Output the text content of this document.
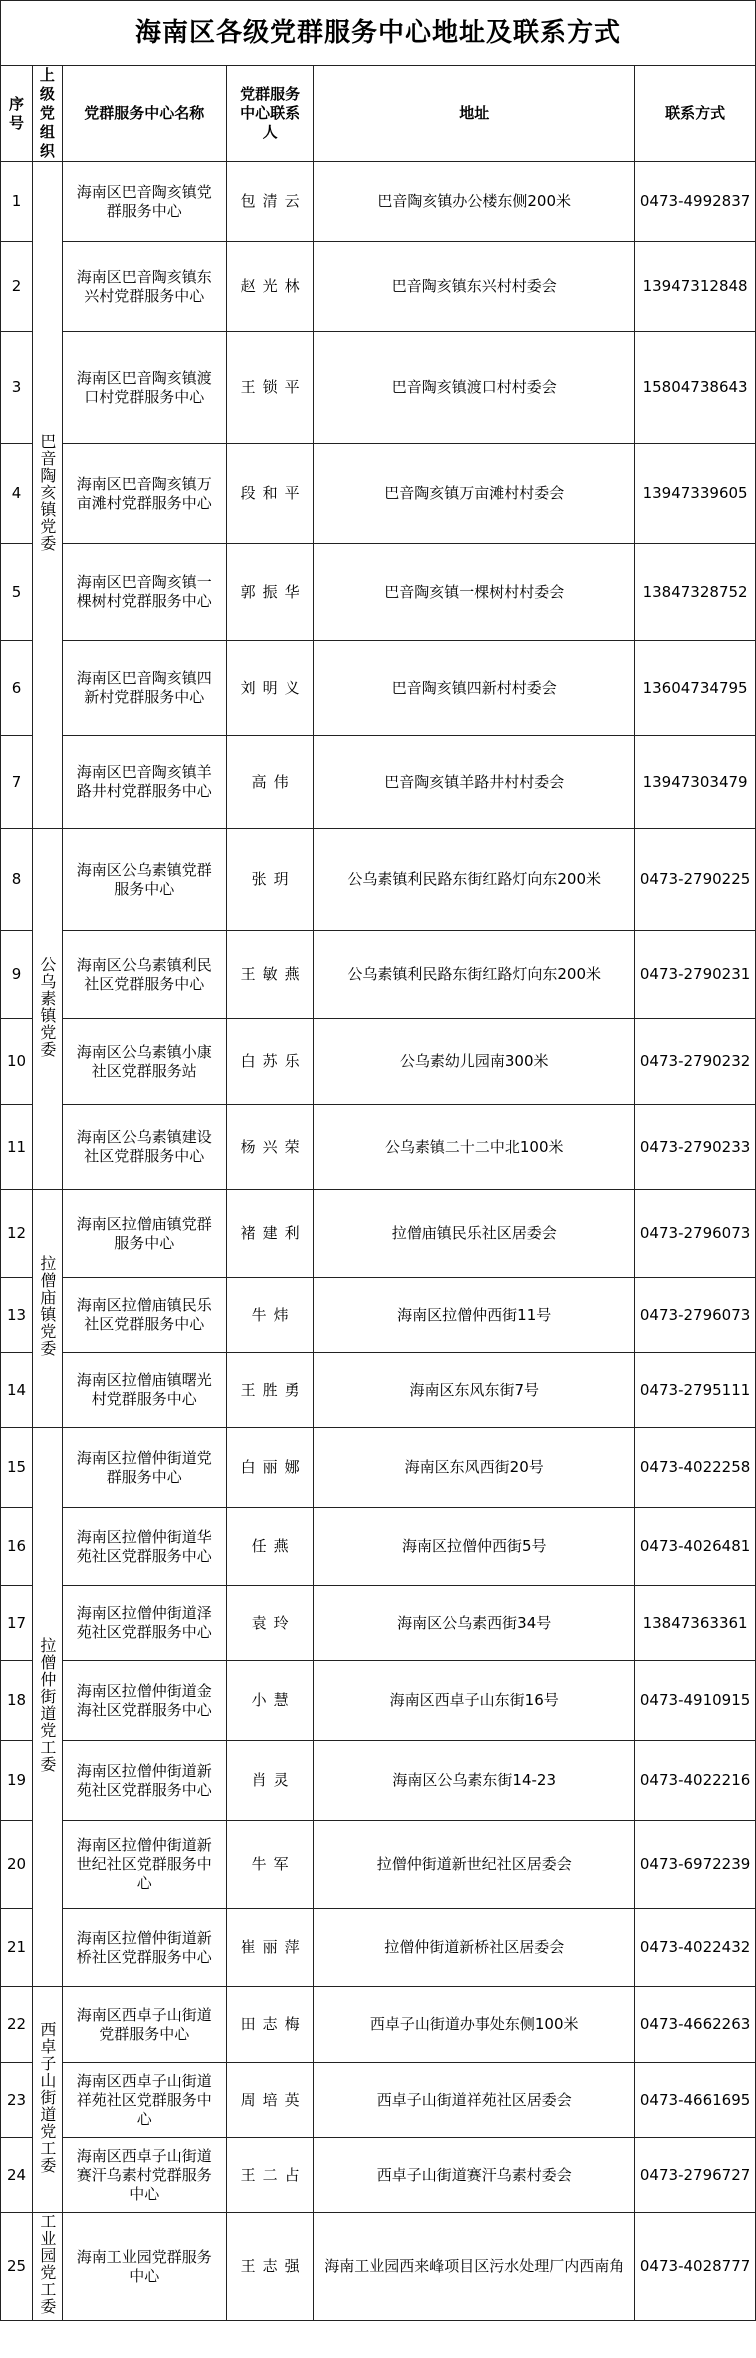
海南区各级党群服务中心地址及联系方式					
序号	上级党组织	党群服务中心名称	党群服务中心联系人	地址	联系方式
1	巴音陶亥镇党委	海南区巴音陶亥镇党群服务中心	包清云	巴音陶亥镇办公楼东侧200米	0473-4992837
2		海南区巴音陶亥镇东兴村党群服务中心	赵光林	巴音陶亥镇东兴村村委会	13947312848
3		海南区巴音陶亥镇渡口村党群服务中心	王锁平	巴音陶亥镇渡口村村委会	15804738643
4		海南区巴音陶亥镇万亩滩村党群服务中心	段和平	巴音陶亥镇万亩滩村村委会	13947339605
5		海南区巴音陶亥镇一棵树村党群服务中心	郭振华	巴音陶亥镇一棵树村村委会	13847328752
6		海南区巴音陶亥镇四新村党群服务中心	刘明义	巴音陶亥镇四新村村委会	13604734795
7		海南区巴音陶亥镇羊路井村党群服务中心	高伟	巴音陶亥镇羊路井村村委会	13947303479
8	公乌素镇党委	海南区公乌素镇党群服务中心	张玥	公乌素镇利民路东街红路灯向东200米	0473-2790225
9		海南区公乌素镇利民社区党群服务中心	王敏燕	公乌素镇利民路东街红路灯向东200米	0473-2790231
10		海南区公乌素镇小康社区党群服务站	白苏乐	公乌素幼儿园南300米	0473-2790232
11		海南区公乌素镇建设社区党群服务中心	杨兴荣	公乌素镇二十二中北100米	0473-2790233
12	拉僧庙镇党委	海南区拉僧庙镇党群服务中心	褚建利	拉僧庙镇民乐社区居委会	0473-2796073
13		海南区拉僧庙镇民乐社区党群服务中心	牛炜	海南区拉僧仲西街11号	0473-2796073
14		海南区拉僧庙镇曙光村党群服务中心	王胜勇	海南区东风东街7号	0473-2795111
15	拉僧仲街道党工委	海南区拉僧仲街道党群服务中心	白丽娜	海南区东风西街20号	0473-4022258
16		海南区拉僧仲街道华苑社区党群服务中心	任燕	海南区拉僧仲西街5号	0473-4026481
17		海南区拉僧仲街道泽苑社区党群服务中心	袁玲	海南区公乌素西街34号	13847363361
18		海南区拉僧仲街道金海社区党群服务中心	小慧	海南区西卓子山东街16号	0473-4910915
19		海南区拉僧仲街道新苑社区党群服务中心	肖灵	海南区公乌素东街14-23	0473-4022216
20		海南区拉僧仲街道新世纪社区党群服务中心	牛军	拉僧仲街道新世纪社区居委会	0473-6972239
21		海南区拉僧仲街道新桥社区党群服务中心	崔丽萍	拉僧仲街道新桥社区居委会	0473-4022432
22	西卓子山街道党工委	海南区西卓子山街道党群服务中心	田志梅	西卓子山街道办事处东侧100米	0473-4662263
23		海南区西卓子山街道祥苑社区党群服务中心	周培英	西卓子山街道祥苑社区居委会	0473-4661695
24		海南区西卓子山街道赛汗乌素村党群服务中心	王二占	西卓子山街道赛汗乌素村委会	0473-2796727
25	工业园党工委	海南工业园党群服务中心	王志强	海南工业园西来峰项目区污水处理厂内西南角	0473-4028777
